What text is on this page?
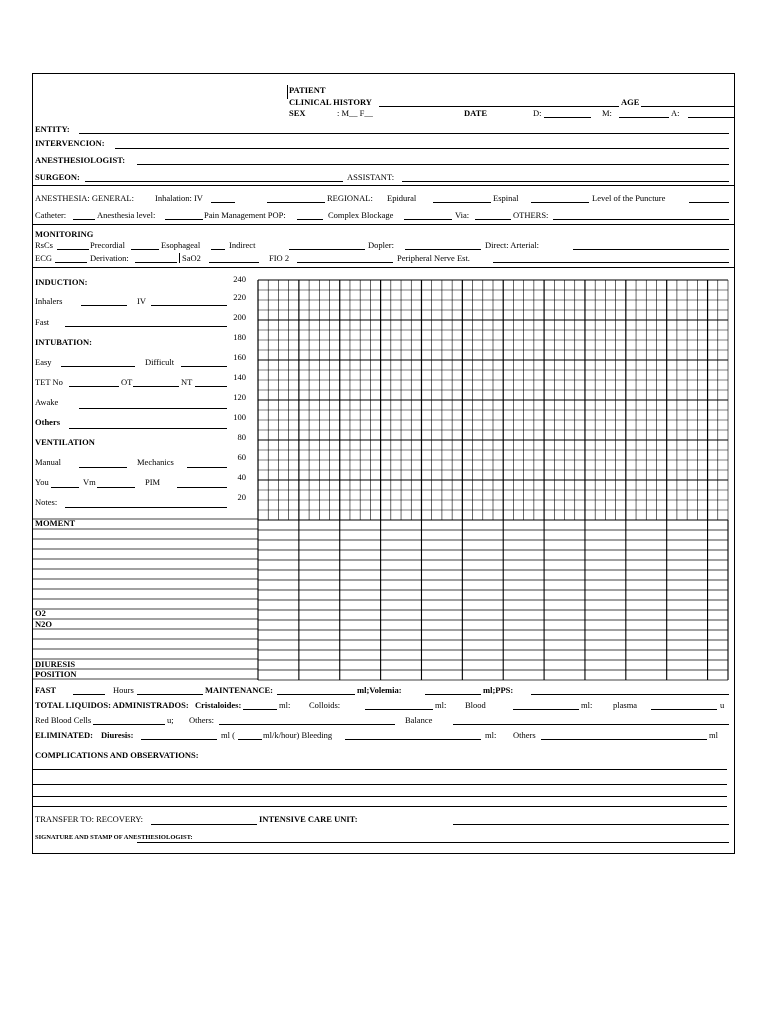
PATIENT
CLINICAL HISTORY	AGE
SEX	: M__ F__	DATE	D:	M:	A:
ENTITY:
INTERVENCION:
ANESTHESIOLOGIST:
SURGEON:	ASSISTANT:
ANESTHESIA: GENERAL: Inhalation: IV	REGIONAL: Epidural	Espinal	Level of the Puncture
Catheter:	Anesthesia level:	Pain Management POP:	Complex Blockage	Via:	OTHERS:
MONITORING
RsCs	Precordial	Esophageal	Indirect	Dopler:	Direct: Arterial:
ECG	Derivation:	SaO2	FIO 2	Peripheral Nerve Est.
INDUCTION:
Inhalers	IV
Fast
INTUBATION:
Easy	Difficult
TET No	OT	NT
Awake
Others
VENTILATION
Manual	Mechanics
You	Vm	PIM
Notes:
MOMENT
O2
N2O
DIURESIS
POSITION
240
220
200
180
160
140
120
100
80
60
40
20
FAST	Hours	MAINTENANCE:	ml;Volemia:	ml;PPS:
TOTAL LIQUIDOS: ADMINISTRADOS: Cristaloides:	ml: Colloids:	ml: Blood	ml: plasma	u
Red Blood Cells	u; Others:	Balance
ELIMINATED: Diuresis:	ml (	ml/k/hour) Bleeding	ml: Others	ml
COMPLICATIONS AND OBSERVATIONS:
TRANSFER TO: RECOVERY:	INTENSIVE CARE UNIT:
SIGNATURE AND STAMP OF ANESTHESIOLOGIST:
